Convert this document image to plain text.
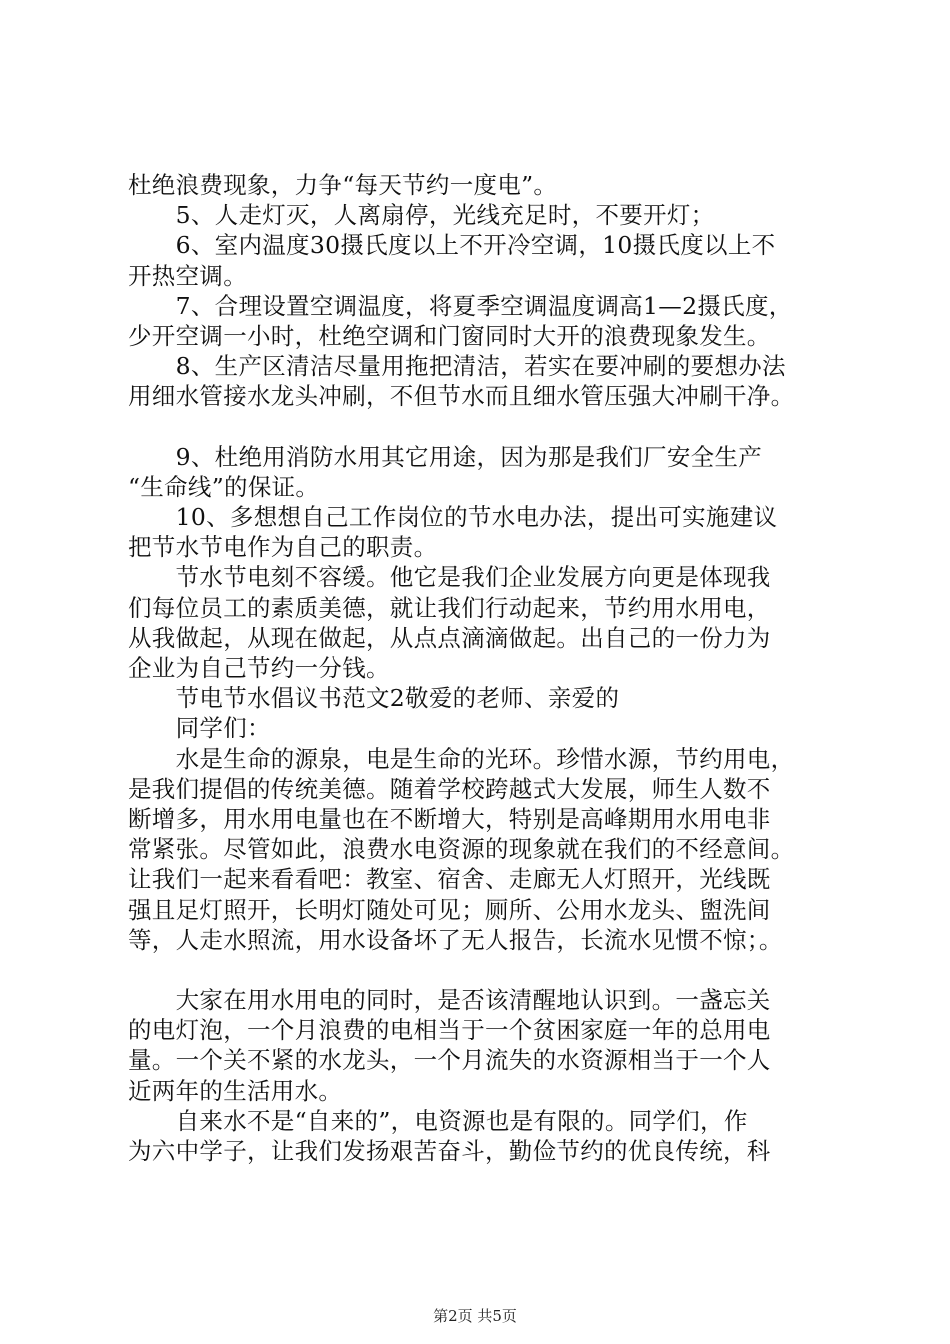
杜绝浪费现象，力争“每天节约一度电”。
　　5、人走灯灭，人离扇停，光线充足时，不要开灯；
　　6、室内温度30摄氏度以上不开冷空调，10摄氏度以上不
开热空调。
　　7、合理设置空调温度，将夏季空调温度调高1—2摄氏度，
少开空调一小时，杜绝空调和门窗同时大开的浪费现象发生。
　　8、生产区清洁尽量用拖把清洁，若实在要冲刷的要想办法
用细水管接水龙头冲刷，不但节水而且细水管压强大冲刷干净。
　　9、杜绝用消防水用其它用途，因为那是我们厂安全生产
“生命线”的保证。
　　10、多想想自己工作岗位的节水电办法，提出可实施建议
把节水节电作为自己的职责。
　　节水节电刻不容缓。他它是我们企业发展方向更是体现我
们每位员工的素质美德，就让我们行动起来，节约用水用电，
从我做起，从现在做起，从点点滴滴做起。出自己的一份力为
企业为自己节约一分钱。
　　节电节水倡议书范文2敬爱的老师、亲爱的
　　同学们：
　　水是生命的源泉，电是生命的光环。珍惜水源，节约用电，
是我们提倡的传统美德。随着学校跨越式大发展，师生人数不
断增多，用水用电量也在不断增大，特别是高峰期用水用电非
常紧张。尽管如此，浪费水电资源的现象就在我们的不经意间。
让我们一起来看看吧：教室、宿舍、走廊无人灯照开，光线既
强且足灯照开，长明灯随处可见；厕所、公用水龙头、盥洗间
等，人走水照流，用水设备坏了无人报告，长流水见惯不惊；。
　　大家在用水用电的同时，是否该清醒地认识到。一盏忘关
的电灯泡，一个月浪费的电相当于一个贫困家庭一年的总用电
量。一个关不紧的水龙头，一个月流失的水资源相当于一个人
近两年的生活用水。
　　自来水不是“自来的”，电资源也是有限的。同学们，作
为六中学子，让我们发扬艰苦奋斗，勤俭节约的优良传统，科
第2页 共5页
